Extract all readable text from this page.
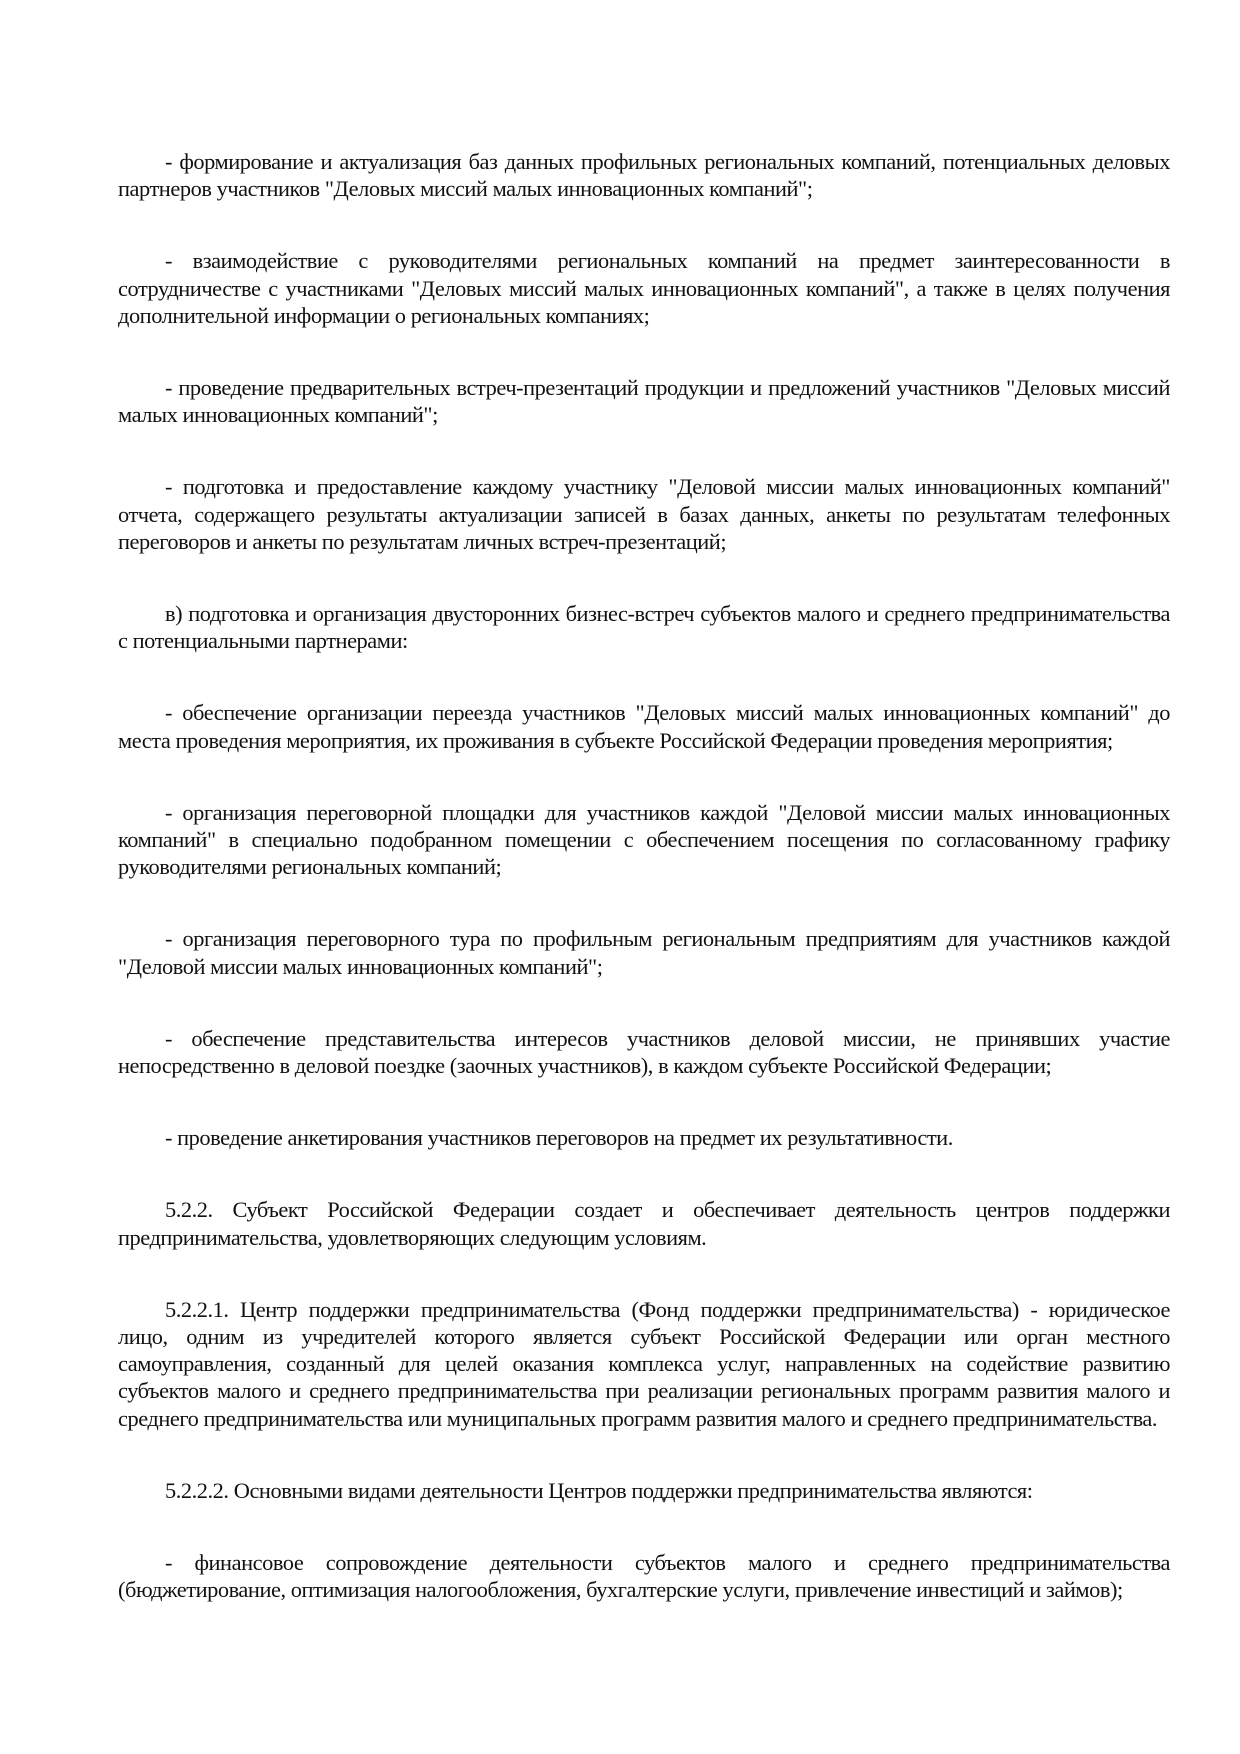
- формирование и актуализация баз данных профильных региональных компаний, потенциальных деловых партнеров участников "Деловых миссий малых инновационных компаний";

- взаимодействие с руководителями региональных компаний на предмет заинтересованности в сотрудничестве с участниками "Деловых миссий малых инновационных компаний", а также в целях получения дополнительной информации о региональных компаниях;

- проведение предварительных встреч-презентаций продукции и предложений участников "Деловых миссий малых инновационных компаний";

- подготовка и предоставление каждому участнику "Деловой миссии малых инновационных компаний" отчета, содержащего результаты актуализации записей в базах данных, анкеты по результатам телефонных переговоров и анкеты по результатам личных встреч-презентаций;

в) подготовка и организация двусторонних бизнес-встреч субъектов малого и среднего предпринимательства с потенциальными партнерами:

- обеспечение организации переезда участников "Деловых миссий малых инновационных компаний" до места проведения мероприятия, их проживания в субъекте Российской Федерации проведения мероприятия;

- организация переговорной площадки для участников каждой "Деловой миссии малых инновационных компаний" в специально подобранном помещении с обеспечением посещения по согласованному графику руководителями региональных компаний;

- организация переговорного тура по профильным региональным предприятиям для участников каждой "Деловой миссии малых инновационных компаний";

- обеспечение представительства интересов участников деловой миссии, не принявших участие непосредственно в деловой поездке (заочных участников), в каждом субъекте Российской Федерации;

- проведение анкетирования участников переговоров на предмет их результативности.

5.2.2. Субъект Российской Федерации создает и обеспечивает деятельность центров поддержки предпринимательства, удовлетворяющих следующим условиям.

5.2.2.1. Центр поддержки предпринимательства (Фонд поддержки предпринимательства) - юридическое лицо, одним из учредителей которого является субъект Российской Федерации или орган местного самоуправления, созданный для целей оказания комплекса услуг, направленных на содействие развитию субъектов малого и среднего предпринимательства при реализации региональных программ развития малого и среднего предпринимательства или муниципальных программ развития малого и среднего предпринимательства.

5.2.2.2. Основными видами деятельности Центров поддержки предпринимательства являются:

- финансовое сопровождение деятельности субъектов малого и среднего предпринимательства (бюджетирование, оптимизация налогообложения, бухгалтерские услуги, привлечение инвестиций и займов);
